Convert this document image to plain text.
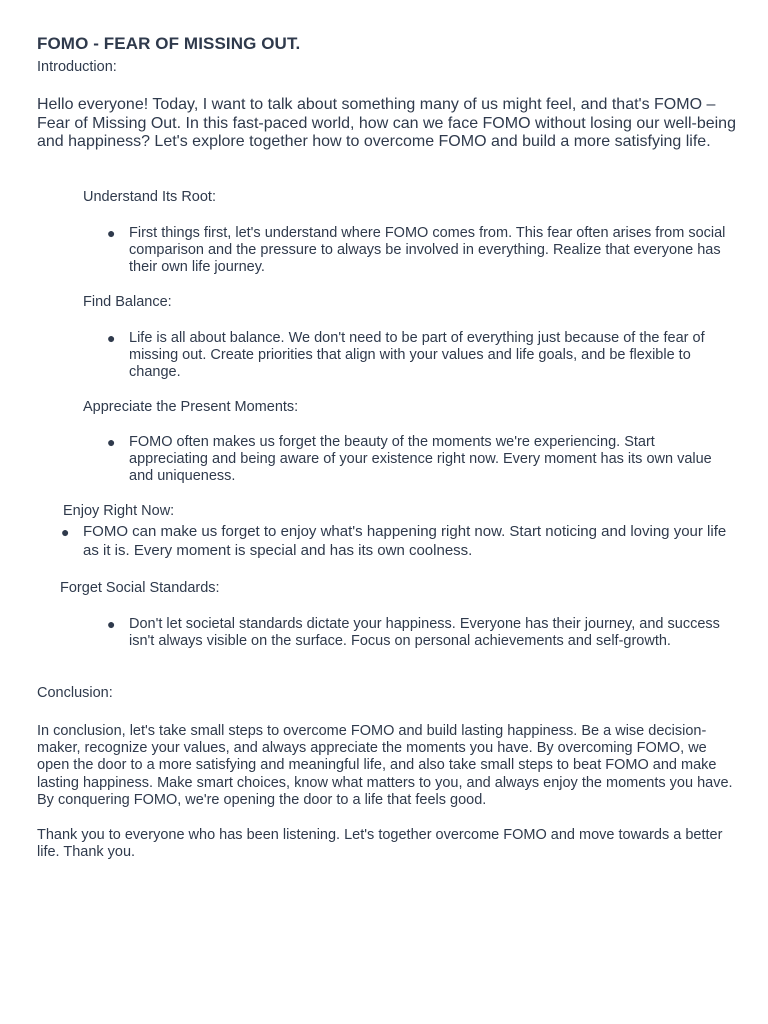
FOMO - FEAR OF MISSING OUT.

Introduction:

Hello everyone! Today, I want to talk about something many of us might feel, and that's FOMO – Fear of Missing Out. In this fast-paced world, how can we face FOMO without losing our well-being and happiness? Let's explore together how to overcome FOMO and build a more satisfying life.

Understand Its Root:

● First things first, let's understand where FOMO comes from. This fear often arises from social comparison and the pressure to always be involved in everything. Realize that everyone has their own life journey.

Find Balance:

● Life is all about balance. We don't need to be part of everything just because of the fear of missing out. Create priorities that align with your values and life goals, and be flexible to change.

Appreciate the Present Moments:

● FOMO often makes us forget the beauty of the moments we're experiencing. Start appreciating and being aware of your existence right now. Every moment has its own value and uniqueness.

Enjoy Right Now:

● FOMO can make us forget to enjoy what's happening right now. Start noticing and loving your life as it is. Every moment is special and has its own coolness.

Forget Social Standards:

● Don't let societal standards dictate your happiness. Everyone has their journey, and success isn't always visible on the surface. Focus on personal achievements and self-growth.

Conclusion:

In conclusion, let's take small steps to overcome FOMO and build lasting happiness. Be a wise decision-maker, recognize your values, and always appreciate the moments you have. By overcoming FOMO, we open the door to a more satisfying and meaningful life, and also take small steps to beat FOMO and make lasting happiness. Make smart choices, know what matters to you, and always enjoy the moments you have. By conquering FOMO, we're opening the door to a life that feels good.

Thank you to everyone who has been listening. Let's together overcome FOMO and move towards a better life. Thank you.
